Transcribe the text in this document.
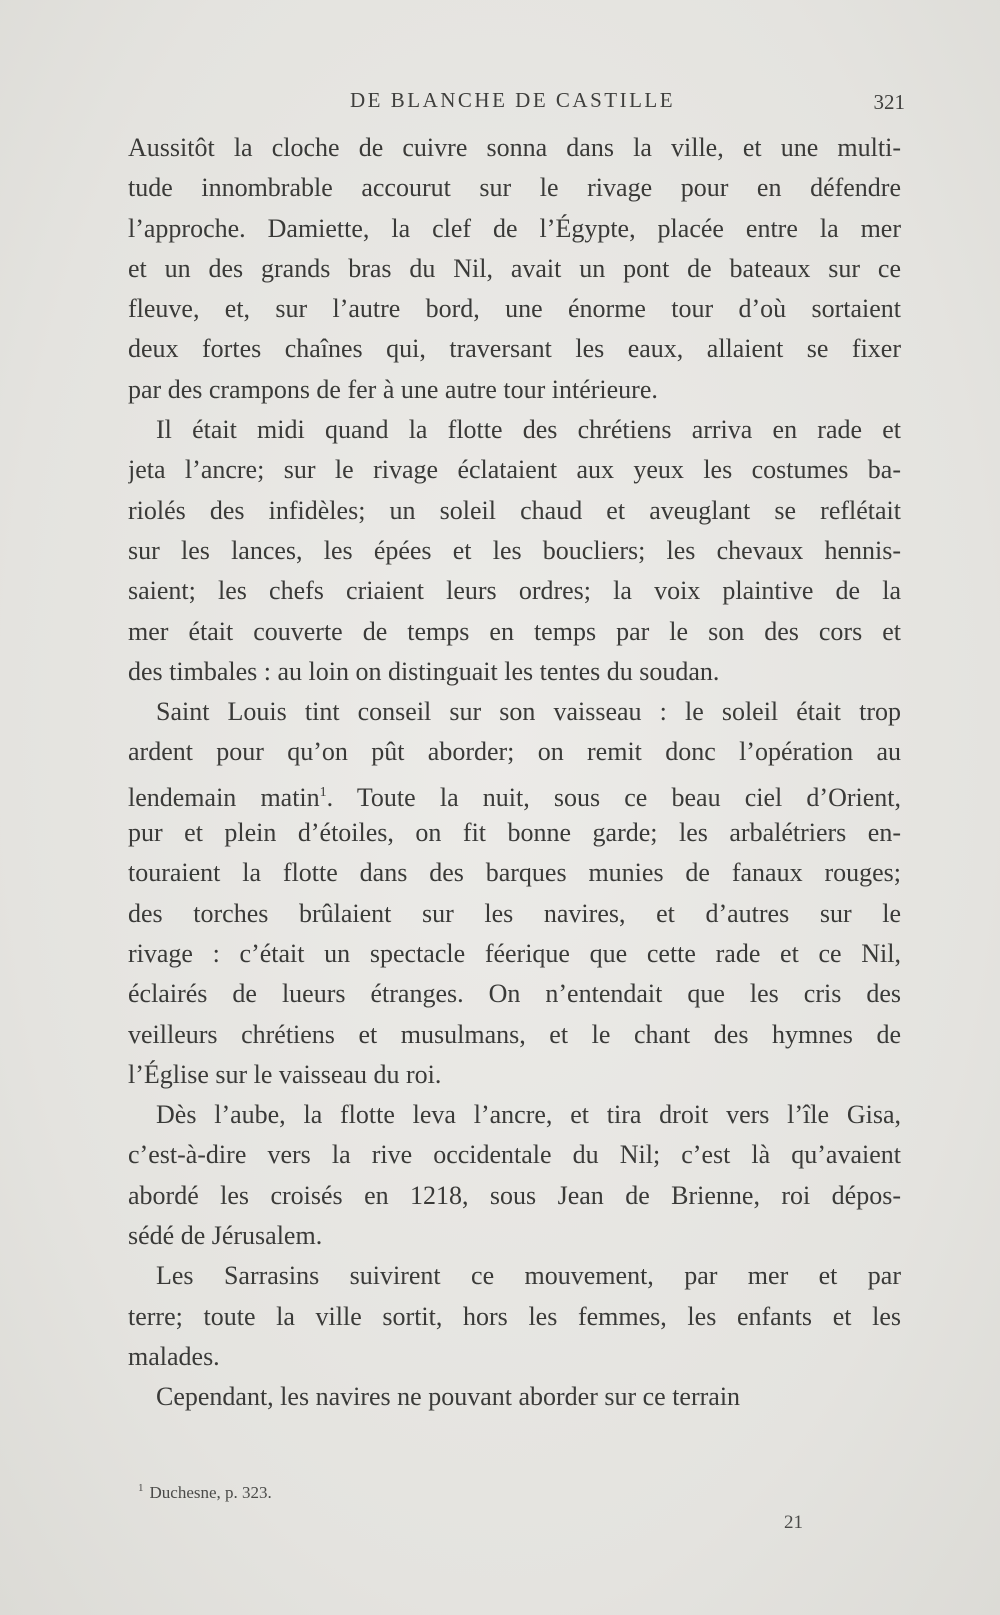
DE BLANCHE DE CASTILLE	321
Aussitôt la cloche de cuivre sonna dans la ville, et une multi-
tude innombrable accourut sur le rivage pour en défendre
l’approche. Damiette, la clef de l’Égypte, placée entre la mer
et un des grands bras du Nil, avait un pont de bateaux sur ce
fleuve, et, sur l’autre bord, une énorme tour d’où sortaient
deux fortes chaînes qui, traversant les eaux, allaient se fixer
par des crampons de fer à une autre tour intérieure.
Il était midi quand la flotte des chrétiens arriva en rade et
jeta l’ancre; sur le rivage éclataient aux yeux les costumes ba-
riolés des infidèles; un soleil chaud et aveuglant se reflétait
sur les lances, les épées et les boucliers; les chevaux hennis-
saient; les chefs criaient leurs ordres; la voix plaintive de la
mer était couverte de temps en temps par le son des cors et
des timbales : au loin on distinguait les tentes du soudan.
Saint Louis tint conseil sur son vaisseau : le soleil était trop
ardent pour qu’on pût aborder; on remit donc l’opération au
lendemain matin$^1$. Toute la nuit, sous ce beau ciel d’Orient,
pur et plein d’étoiles, on fit bonne garde; les arbalétriers en-
touraient la flotte dans des barques munies de fanaux rouges;
des torches brûlaient sur les navires, et d’autres sur le
rivage : c’était un spectacle féerique que cette rade et ce Nil,
éclairés de lueurs étranges. On n’entendait que les cris des
veilleurs chrétiens et musulmans, et le chant des hymnes de
l’Église sur le vaisseau du roi.
Dès l’aube, la flotte leva l’ancre, et tira droit vers l’île Gisa,
c’est-à-dire vers la rive occidentale du Nil; c’est là qu’avaient
abordé les croisés en 1218, sous Jean de Brienne, roi dépos-
sédé de Jérusalem.
Les Sarrasins suivirent ce mouvement, par mer et par
terre; toute la ville sortit, hors les femmes, les enfants et les
malades.
Cependant, les navires ne pouvant aborder sur ce terrain
$^1$ Duchesne, p. 323.
21
